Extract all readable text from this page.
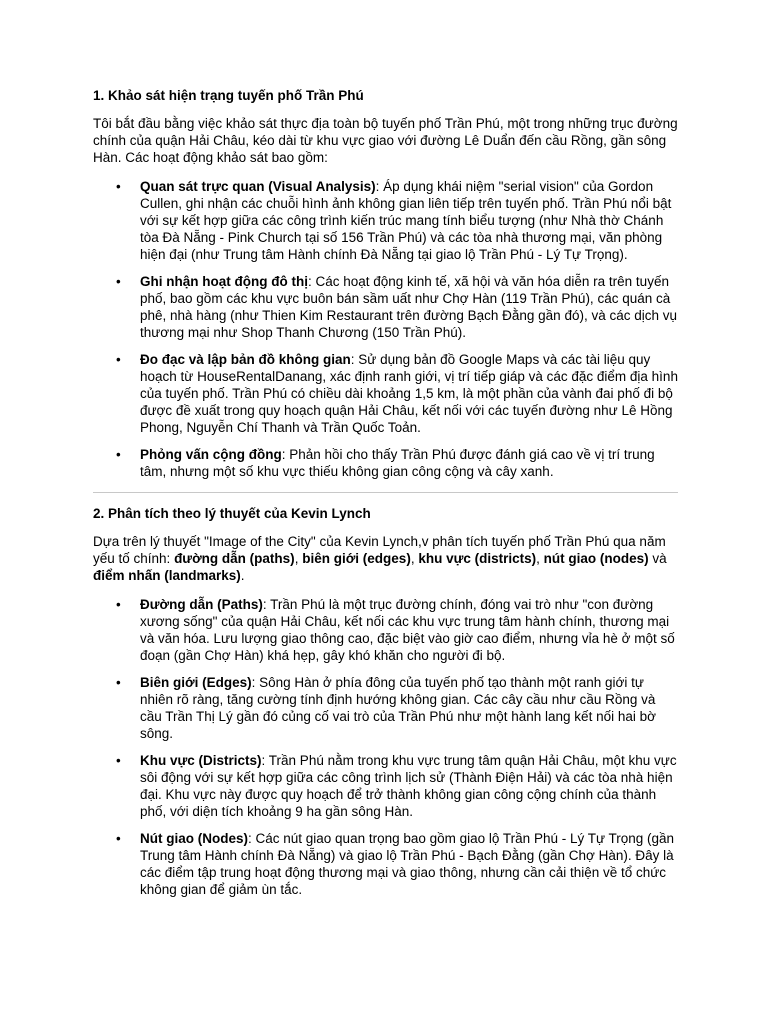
1. Khảo sát hiện trạng tuyến phố Trần Phú

Tôi bắt đầu bằng việc khảo sát thực địa toàn bộ tuyến phố Trần Phú, một trong những trục đường chính của quận Hải Châu, kéo dài từ khu vực giao với đường Lê Duẩn đến cầu Rồng, gần sông Hàn. Các hoạt động khảo sát bao gồm:

• Quan sát trực quan (Visual Analysis): Áp dụng khái niệm "serial vision" của Gordon Cullen, ghi nhận các chuỗi hình ảnh không gian liên tiếp trên tuyến phố. Trần Phú nổi bật với sự kết hợp giữa các công trình kiến trúc mang tính biểu tượng (như Nhà thờ Chánh tòa Đà Nẵng - Pink Church tại số 156 Trần Phú) và các tòa nhà thương mại, văn phòng hiện đại (như Trung tâm Hành chính Đà Nẵng tại giao lộ Trần Phú - Lý Tự Trọng).
• Ghi nhận hoạt động đô thị: Các hoạt động kinh tế, xã hội và văn hóa diễn ra trên tuyến phố, bao gồm các khu vực buôn bán sầm uất như Chợ Hàn (119 Trần Phú), các quán cà phê, nhà hàng (như Thien Kim Restaurant trên đường Bạch Đằng gần đó), và các dịch vụ thương mại như Shop Thanh Chương (150 Trần Phú).
• Đo đạc và lập bản đồ không gian: Sử dụng bản đồ Google Maps và các tài liệu quy hoạch từ HouseRentalDanang, xác định ranh giới, vị trí tiếp giáp và các đặc điểm địa hình của tuyến phố. Trần Phú có chiều dài khoảng 1,5 km, là một phần của vành đai phố đi bộ được đề xuất trong quy hoạch quận Hải Châu, kết nối với các tuyến đường như Lê Hồng Phong, Nguyễn Chí Thanh và Trần Quốc Toản.
• Phỏng vấn cộng đồng: Phản hồi cho thấy Trần Phú được đánh giá cao về vị trí trung tâm, nhưng một số khu vực thiếu không gian công cộng và cây xanh.
2. Phân tích theo lý thuyết của Kevin Lynch

Dựa trên lý thuyết "Image of the City" của Kevin Lynch,v phân tích tuyến phố Trần Phú qua năm yếu tố chính: đường dẫn (paths), biên giới (edges), khu vực (districts), nút giao (nodes) và điểm nhấn (landmarks).

• Đường dẫn (Paths): Trần Phú là một trục đường chính, đóng vai trò như "con đường xương sống" của quận Hải Châu, kết nối các khu vực trung tâm hành chính, thương mại và văn hóa. Lưu lượng giao thông cao, đặc biệt vào giờ cao điểm, nhưng vỉa hè ở một số đoạn (gần Chợ Hàn) khá hẹp, gây khó khăn cho người đi bộ.
• Biên giới (Edges): Sông Hàn ở phía đông của tuyến phố tạo thành một ranh giới tự nhiên rõ ràng, tăng cường tính định hướng không gian. Các cây cầu như cầu Rồng và cầu Trần Thị Lý gần đó củng cố vai trò của Trần Phú như một hành lang kết nối hai bờ sông.
• Khu vực (Districts): Trần Phú nằm trong khu vực trung tâm quận Hải Châu, một khu vực sôi động với sự kết hợp giữa các công trình lịch sử (Thành Điện Hải) và các tòa nhà hiện đại. Khu vực này được quy hoạch để trở thành không gian công cộng chính của thành phố, với diện tích khoảng 9 ha gần sông Hàn.
• Nút giao (Nodes): Các nút giao quan trọng bao gồm giao lộ Trần Phú - Lý Tự Trọng (gần Trung tâm Hành chính Đà Nẵng) và giao lộ Trần Phú - Bạch Đằng (gần Chợ Hàn). Đây là các điểm tập trung hoạt động thương mại và giao thông, nhưng cần cải thiện về tổ chức không gian để giảm ùn tắc.
